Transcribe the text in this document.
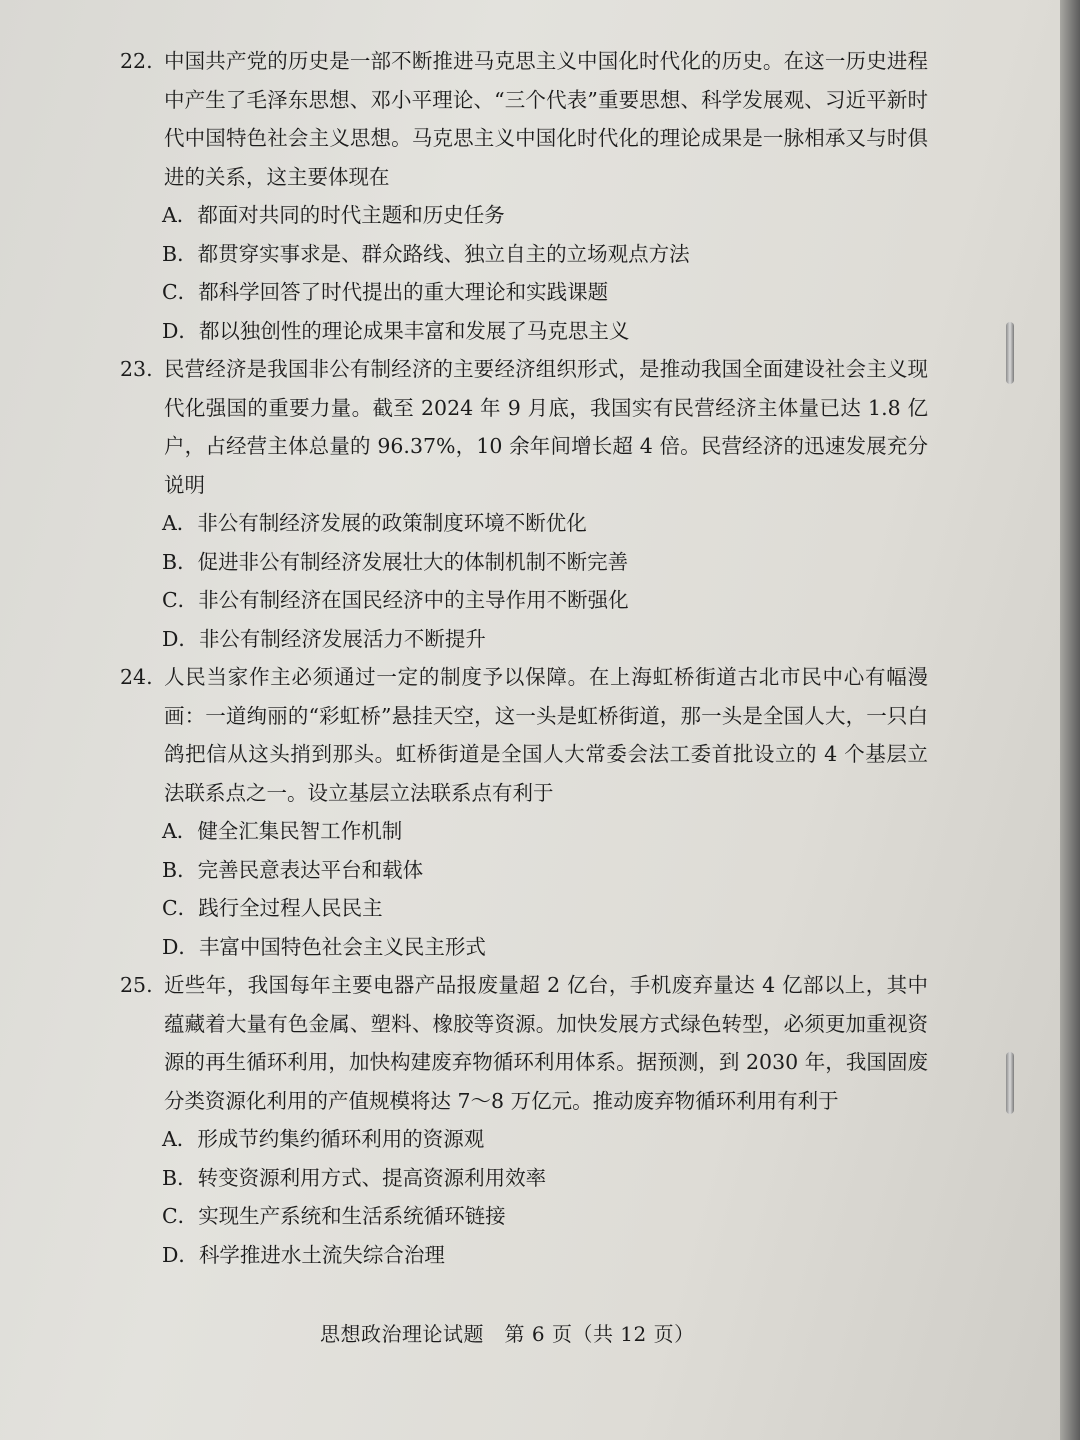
22. 中国共产党的历史是一部不断推进马克思主义中国化时代化的历史。在这一历史进程中产生了毛泽东思想、邓小平理论、“三个代表”重要思想、科学发展观、习近平新时代中国特色社会主义思想。马克思主义中国化时代化的理论成果是一脉相承又与时俱进的关系，这主要体现在
A． 都面对共同的时代主题和历史任务
B． 都贯穿实事求是、群众路线、独立自主的立场观点方法
C． 都科学回答了时代提出的重大理论和实践课题
D． 都以独创性的理论成果丰富和发展了马克思主义
23. 民营经济是我国非公有制经济的主要经济组织形式，是推动我国全面建设社会主义现代化强国的重要力量。截至 2024 年 9 月底，我国实有民营经济主体量已达 1.8 亿户，占经营主体总量的 96.37%，10 余年间增长超 4 倍。民营经济的迅速发展充分说明
A． 非公有制经济发展的政策制度环境不断优化
B． 促进非公有制经济发展壮大的体制机制不断完善
C． 非公有制经济在国民经济中的主导作用不断强化
D． 非公有制经济发展活力不断提升
24. 人民当家作主必须通过一定的制度予以保障。在上海虹桥街道古北市民中心有幅漫画：一道绚丽的“彩虹桥”悬挂天空，这一头是虹桥街道，那一头是全国人大，一只白鸽把信从这头捎到那头。虹桥街道是全国人大常委会法工委首批设立的 4 个基层立法联系点之一。设立基层立法联系点有利于
A． 健全汇集民智工作机制
B． 完善民意表达平台和载体
C． 践行全过程人民民主
D． 丰富中国特色社会主义民主形式
25. 近些年，我国每年主要电器产品报废量超 2 亿台，手机废弃量达 4 亿部以上，其中蕴藏着大量有色金属、塑料、橡胶等资源。加快发展方式绿色转型，必须更加重视资源的再生循环利用，加快构建废弃物循环利用体系。据预测，到 2030 年，我国固废分类资源化利用的产值规模将达 7～8 万亿元。推动废弃物循环利用有利于
A． 形成节约集约循环利用的资源观
B． 转变资源利用方式、提高资源利用效率
C． 实现生产系统和生活系统循环链接
D． 科学推进水土流失综合治理
思想政治理论试题　第 6 页（共 12 页）
